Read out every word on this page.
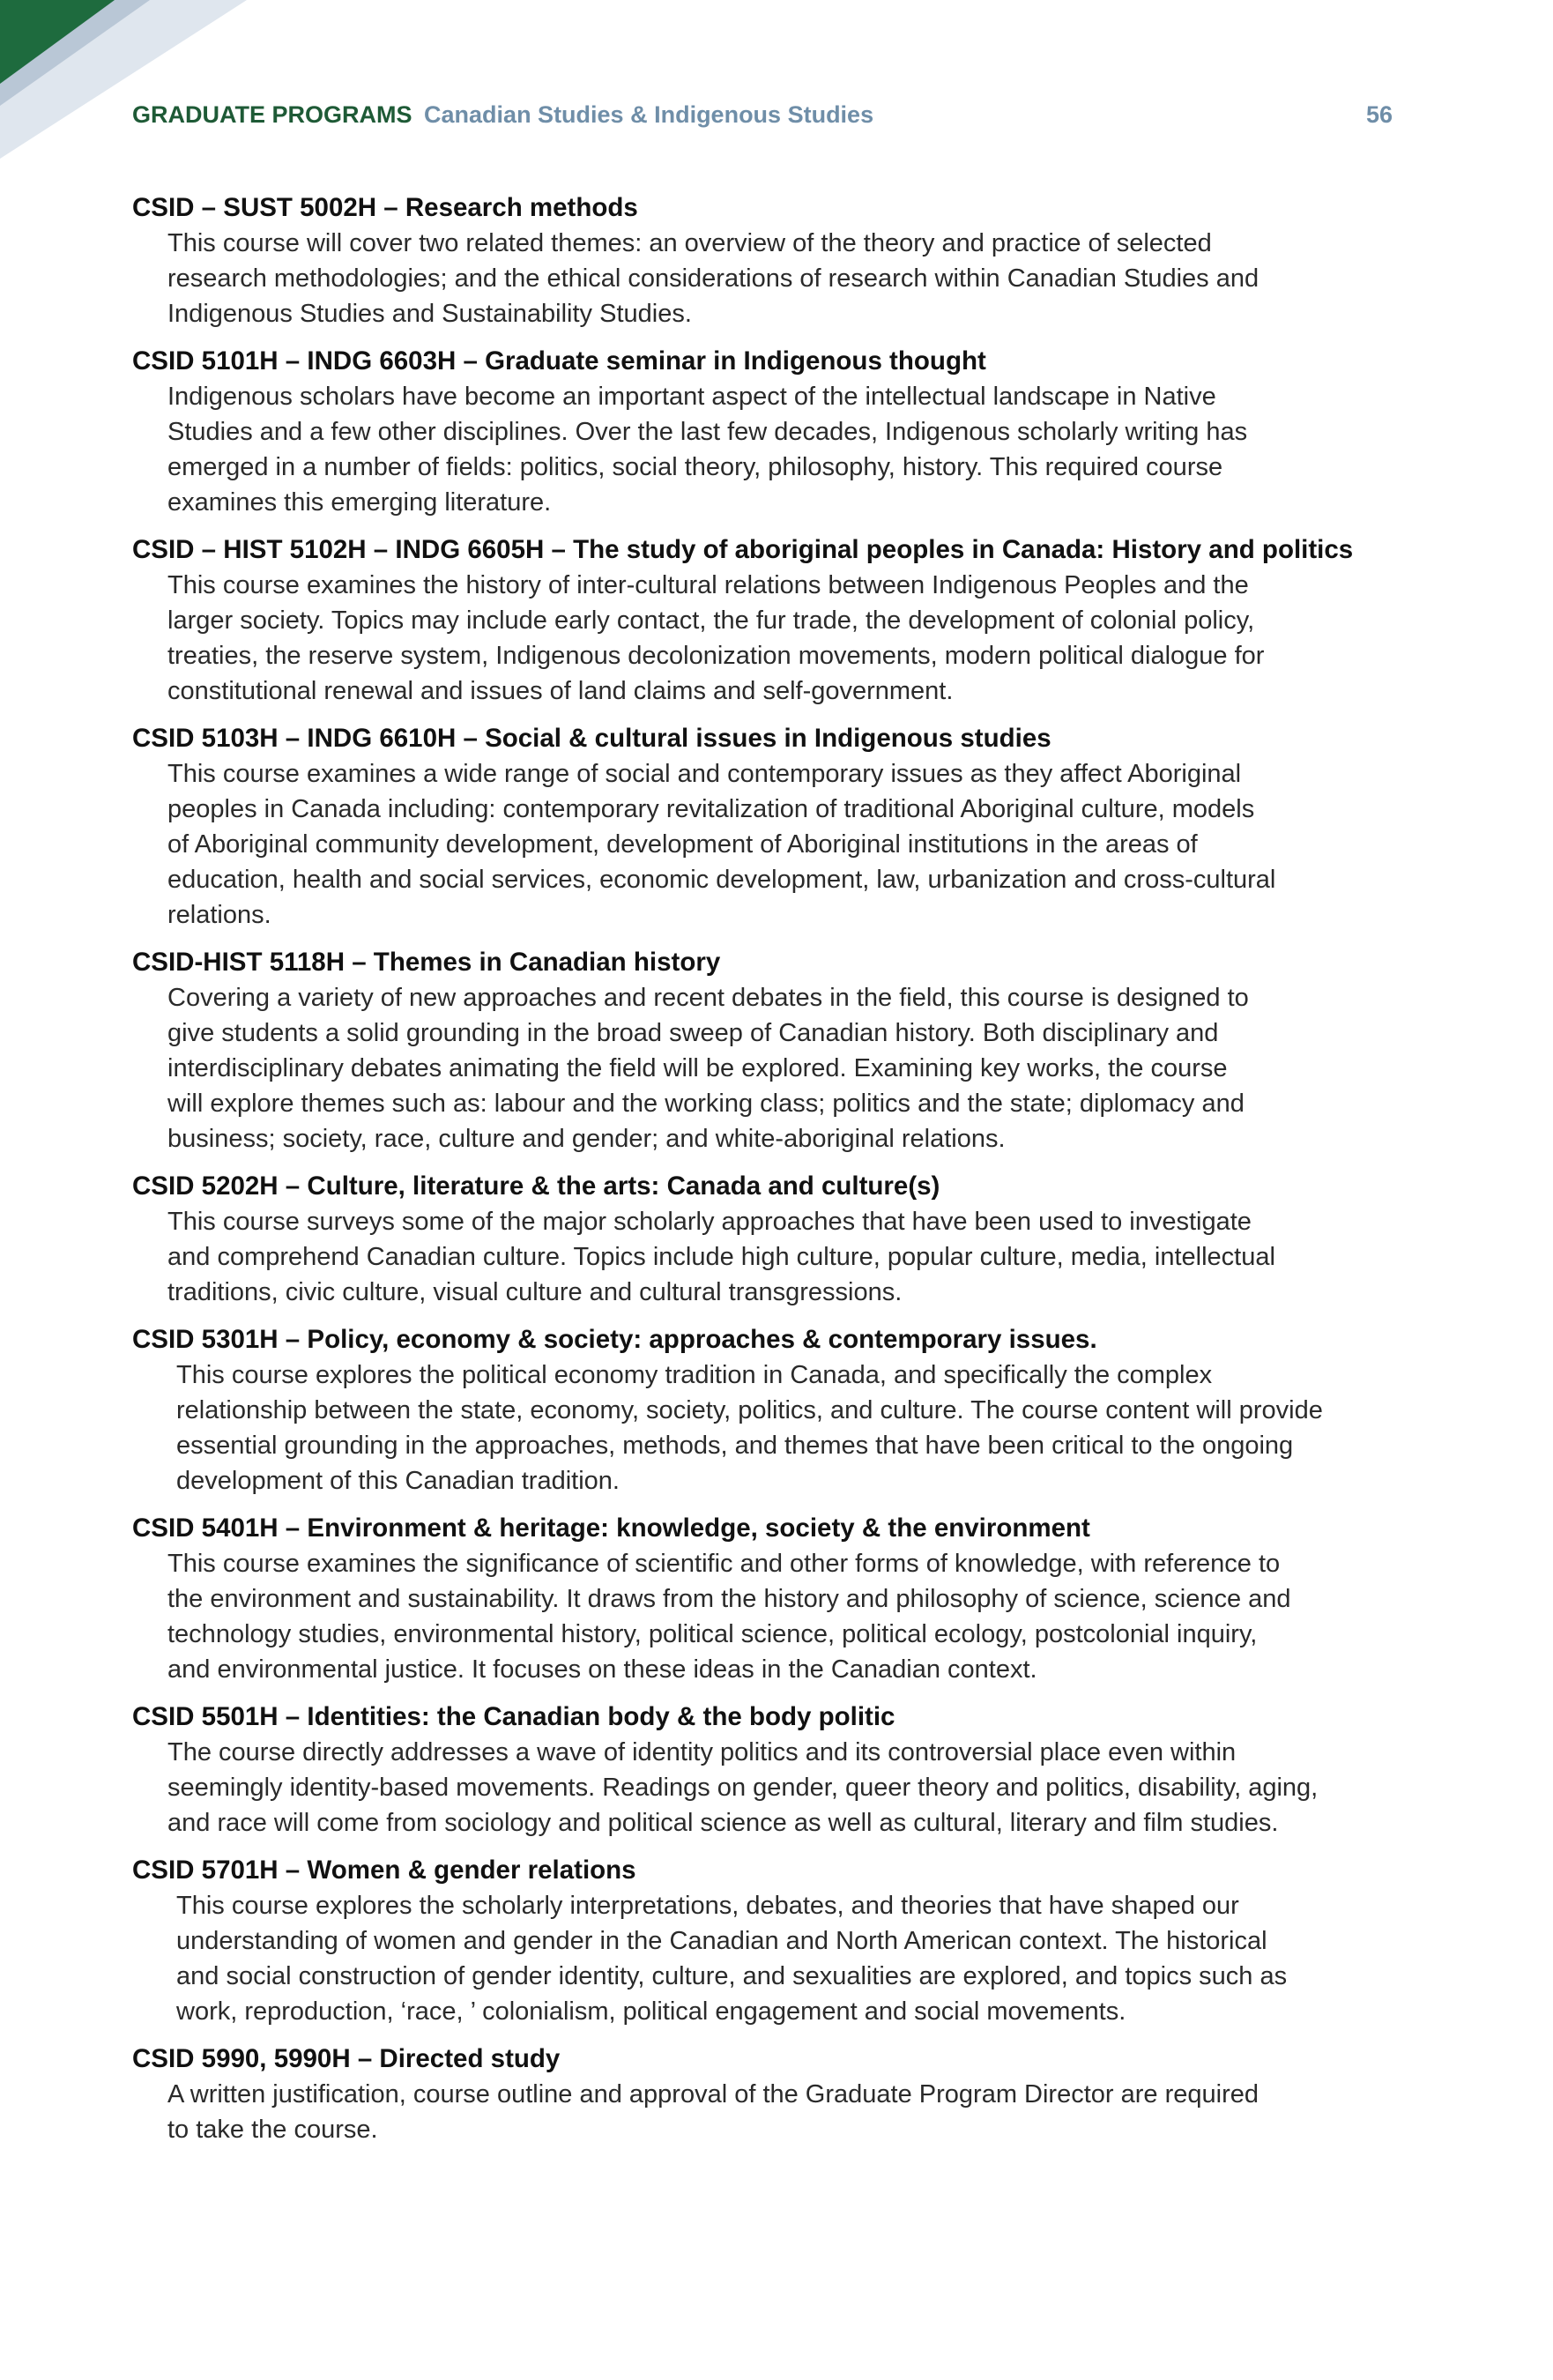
GRADUATE PROGRAMS Canadian Studies & Indigenous Studies	56
CSID – SUST 5002H – Research methods
This course will cover two related themes: an overview of the theory and practice of selected
research methodologies; and the ethical considerations of research within Canadian Studies and
Indigenous Studies and Sustainability Studies.
CSID 5101H – INDG 6603H – Graduate seminar in Indigenous thought
Indigenous scholars have become an important aspect of the intellectual landscape in Native
Studies and a few other disciplines. Over the last few decades, Indigenous scholarly writing has
emerged in a number of fields: politics, social theory, philosophy, history. This required course
examines this emerging literature.
CSID – HIST 5102H – INDG 6605H – The study of aboriginal peoples in Canada: History and politics
This course examines the history of inter-cultural relations between Indigenous Peoples and the
larger society. Topics may include early contact, the fur trade, the development of colonial policy,
treaties, the reserve system, Indigenous decolonization movements, modern political dialogue for
constitutional renewal and issues of land claims and self-government.
CSID 5103H – INDG 6610H – Social & cultural issues in Indigenous studies
This course examines a wide range of social and contemporary issues as they affect Aboriginal
peoples in Canada including: contemporary revitalization of traditional Aboriginal culture, models
of Aboriginal community development, development of Aboriginal institutions in the areas of
education, health and social services, economic development, law, urbanization and cross-cultural
relations.
CSID-HIST 5118H – Themes in Canadian history
Covering a variety of new approaches and recent debates in the field, this course is designed to
give students a solid grounding in the broad sweep of Canadian history. Both disciplinary and
interdisciplinary debates animating the field will be explored. Examining key works, the course
will explore themes such as: labour and the working class; politics and the state; diplomacy and
business; society, race, culture and gender; and white-aboriginal relations.
CSID 5202H – Culture, literature & the arts: Canada and culture(s)
This course surveys some of the major scholarly approaches that have been used to investigate
and comprehend Canadian culture. Topics include high culture, popular culture, media, intellectual
traditions, civic culture, visual culture and cultural transgressions.
CSID 5301H – Policy, economy & society: approaches & contemporary issues.
This course explores the political economy tradition in Canada, and specifically the complex
relationship between the state, economy, society, politics, and culture. The course content will provide
essential grounding in the approaches, methods, and themes that have been critical to the ongoing
development of this Canadian tradition.
CSID 5401H – Environment & heritage: knowledge, society & the environment
This course examines the significance of scientific and other forms of knowledge, with reference to
the environment and sustainability. It draws from the history and philosophy of science, science and
technology studies, environmental history, political science, political ecology, postcolonial inquiry,
and environmental justice. It focuses on these ideas in the Canadian context.
CSID 5501H – Identities: the Canadian body & the body politic
The course directly addresses a wave of identity politics and its controversial place even within
seemingly identity-based movements. Readings on gender, queer theory and politics, disability, aging,
and race will come from sociology and political science as well as cultural, literary and film studies.
CSID 5701H – Women & gender relations
This course explores the scholarly interpretations, debates, and theories that have shaped our
understanding of women and gender in the Canadian and North American context. The historical
and social construction of gender identity, culture, and sexualities are explored, and topics such as
work, reproduction, ‘race, ’ colonialism, political engagement and social movements.
CSID 5990, 5990H – Directed study
A written justification, course outline and approval of the Graduate Program Director are required
to take the course.
